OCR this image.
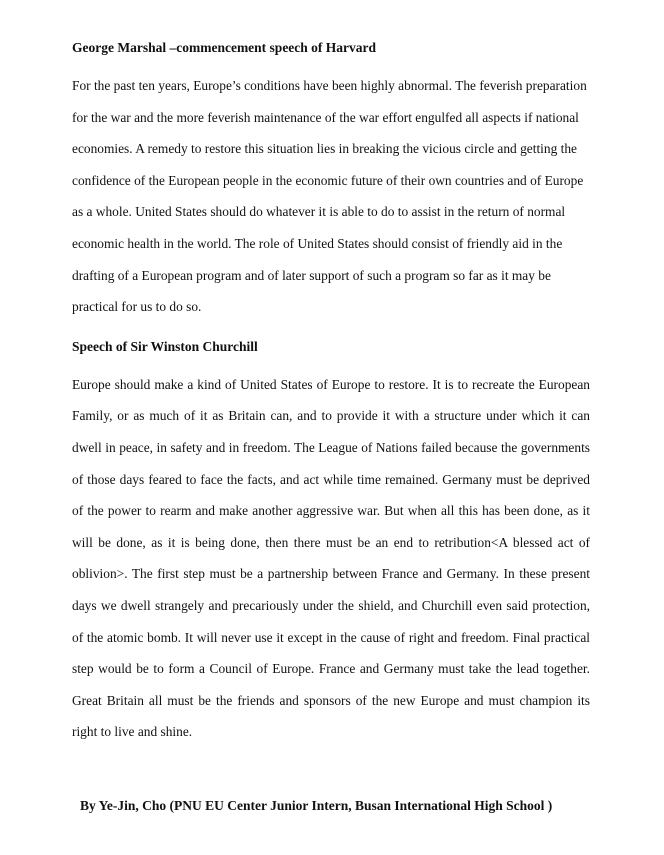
George Marshal –commencement speech of Harvard

For the past ten years, Europe’s conditions have been highly abnormal. The feverish preparation for the war and the more feverish maintenance of the war effort engulfed all aspects if national economies. A remedy to restore this situation lies in breaking the vicious circle and getting the confidence of the European people in the economic future of their own countries and of Europe as a whole. United States should do whatever it is able to do to assist in the return of normal economic health in the world. The role of United States should consist of friendly aid in the drafting of a European program and of later support of such a program so far as it may be practical for us to do so.

Speech of Sir Winston Churchill

Europe should make a kind of United States of Europe to restore. It is to recreate the European Family, or as much of it as Britain can, and to provide it with a structure under which it can dwell in peace, in safety and in freedom. The League of Nations failed because the governments of those days feared to face the facts, and act while time remained. Germany must be deprived of the power to rearm and make another aggressive war. But when all this has been done, as it will be done, as it is being done, then there must be an end to retribution<A blessed act of oblivion>. The first step must be a partnership between France and Germany. In these present days we dwell strangely and precariously under the shield, and Churchill even said protection, of the atomic bomb. It will never use it except in the cause of right and freedom. Final practical step would be to form a Council of Europe. France and Germany must take the lead together. Great Britain all must be the friends and sponsors of the new Europe and must champion its right to live and shine.

By Ye-Jin, Cho (PNU EU Center Junior Intern, Busan International High School )
